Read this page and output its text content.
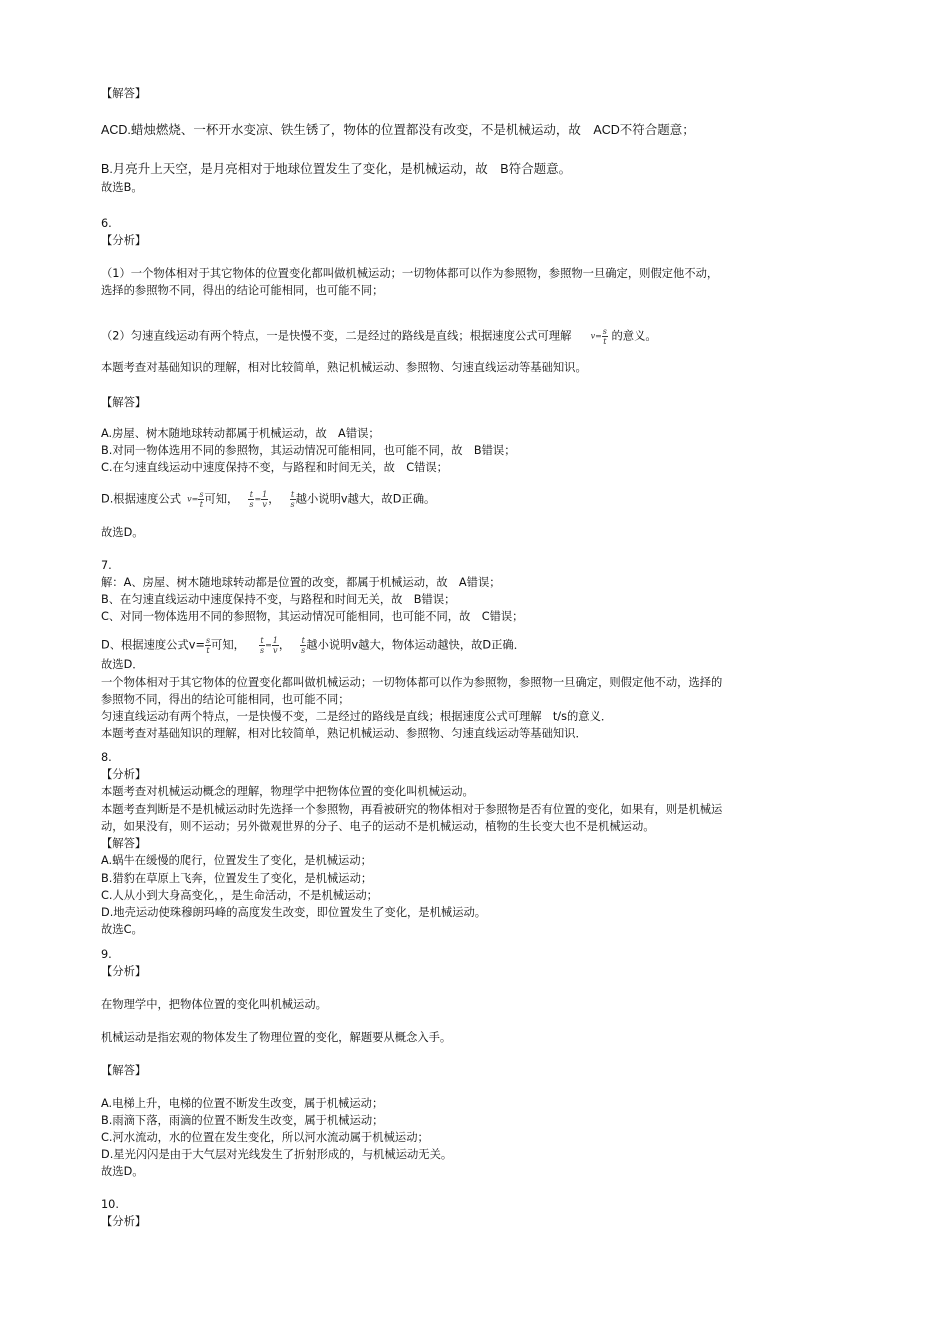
【解答】
ACD.蜡烛燃烧、一杯开水变凉、铁生锈了，物体的位置都没有改变，不是机械运动，故　ACD不符合题意；
B.月亮升上天空，是月亮相对于地球位置发生了变化，是机械运动，故　B符合题意。
故选B。
6.
【分析】
（1）一个物体相对于其它物体的位置变化都叫做机械运动；一切物体都可以作为参照物，参照物一旦确定，则假定他不动，
选择的参照物不同，得出的结论可能相同，也可能不同；
（2）匀速直线运动有两个特点，一是快慢不变，二是经过的路线是直线；根据速度公式可理解 $v= \frac{s}{t}$ 的意义。
本题考查对基础知识的理解，相对比较简单，熟记机械运动、参照物、匀速直线运动等基础知识。
【解答】
A.房屋、树木随地球转动都属于机械运动，故　A错误；
B.对同一物体选用不同的参照物，其运动情况可能相同，也可能不同，故　B错误；
C.在匀速直线运动中速度保持不变，与路程和时间无关，故　C错误；
D.根据速度公式 $v= \frac{s}{t}$ 可知， $\frac{t}{s} = \frac{1}{v}$ ， $\frac{t}{s}$ 越小说明v越大，故D正确。
故选D。
7.
解：A、房屋、树木随地球转动都是位置的改变，都属于机械运动，故　A错误；
B、在匀速直线运动中速度保持不变，与路程和时间无关，故　B错误；
C、对同一物体选用不同的参照物，其运动情况可能相同，也可能不同，故　C错误；
D、根据速度公式$v= \frac{s}{t}$ 可知， $\frac{t}{s} = \frac{1}{v}$ ， $\frac{t}{s}$ 越小说明v越大，物体运动越快，故D正确．
故选D．
一个物体相对于其它物体的位置变化都叫做机械运动；一切物体都可以作为参照物，参照物一旦确定，则假定他不动，选择的
参照物不同，得出的结论可能相同，也可能不同；
匀速直线运动有两个特点，一是快慢不变，二是经过的路线是直线；根据速度公式可理解　t/s的意义．
本题考查对基础知识的理解，相对比较简单，熟记机械运动、参照物、匀速直线运动等基础知识．
8.
【分析】
本题考查对机械运动概念的理解，物理学中把物体位置的变化叫机械运动。
本题考查判断是不是机械运动时先选择一个参照物，再看被研究的物体相对于参照物是否有位置的变化，如果有，则是机械运
动，如果没有，则不运动；另外微观世界的分子、电子的运动不是机械运动，植物的生长变大也不是机械运动。
【解答】
A.蜗牛在缓慢的爬行，位置发生了变化，是机械运动；
B.猎豹在草原上飞奔，位置发生了变化，是机械运动；
C.人从小到大身高变化，，是生命活动，不是机械运动；
D.地壳运动使珠穆朗玛峰的高度发生改变，即位置发生了变化，是机械运动。
故选C。
9.
【分析】
在物理学中，把物体位置的变化叫机械运动。
机械运动是指宏观的物体发生了物理位置的变化，解题要从概念入手。
【解答】
A.电梯上升，电梯的位置不断发生改变，属于机械运动；
B.雨滴下落，雨滴的位置不断发生改变，属于机械运动；
C.河水流动，水的位置在发生变化，所以河水流动属于机械运动；
D.星光闪闪是由于大气层对光线发生了折射形成的，与机械运动无关。
故选D。
10.
【分析】
